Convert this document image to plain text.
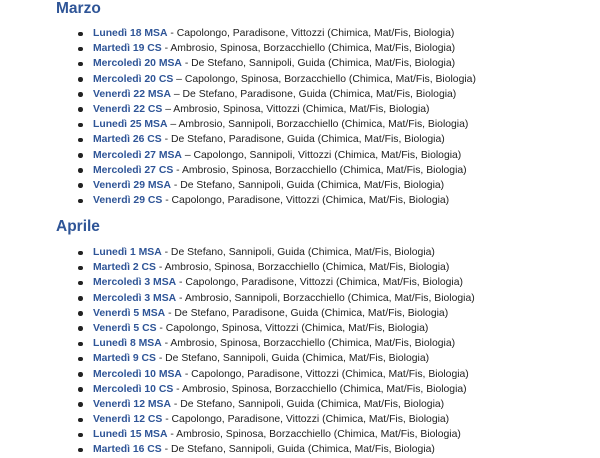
Marzo
Lunedì 18 MSA - Capolongo, Paradisone, Vittozzi (Chimica, Mat/Fis, Biologia)
Martedì 19 CS - Ambrosio, Spinosa, Borzacchiello (Chimica, Mat/Fis, Biologia)
Mercoledì 20 MSA - De Stefano, Sannipoli, Guida (Chimica, Mat/Fis, Biologia)
Mercoledì 20 CS – Capolongo, Spinosa, Borzacchiello (Chimica, Mat/Fis, Biologia)
Venerdì 22 MSA – De Stefano, Paradisone, Guida (Chimica, Mat/Fis, Biologia)
Venerdì 22 CS – Ambrosio, Spinosa, Vittozzi (Chimica, Mat/Fis, Biologia)
Lunedì 25 MSA – Ambrosio, Sannipoli, Borzacchiello (Chimica, Mat/Fis, Biologia)
Martedì 26 CS - De Stefano, Paradisone, Guida (Chimica, Mat/Fis, Biologia)
Mercoledì 27 MSA – Capolongo, Sannipoli, Vittozzi (Chimica, Mat/Fis, Biologia)
Mercoledì 27 CS - Ambrosio, Spinosa, Borzacchiello (Chimica, Mat/Fis, Biologia)
Venerdì 29 MSA - De Stefano, Sannipoli, Guida (Chimica, Mat/Fis, Biologia)
Venerdì 29 CS - Capolongo, Paradisone, Vittozzi (Chimica, Mat/Fis, Biologia)
Aprile
Lunedì 1 MSA - De Stefano, Sannipoli, Guida (Chimica, Mat/Fis, Biologia)
Martedì 2 CS - Ambrosio, Spinosa, Borzacchiello (Chimica, Mat/Fis, Biologia)
Mercoledì 3 MSA - Capolongo, Paradisone, Vittozzi (Chimica, Mat/Fis, Biologia)
Mercoledì 3 MSA - Ambrosio, Sannipoli, Borzacchiello (Chimica, Mat/Fis, Biologia)
Venerdì 5 MSA - De Stefano, Paradisone, Guida (Chimica, Mat/Fis, Biologia)
Venerdì 5 CS - Capolongo, Spinosa, Vittozzi (Chimica, Mat/Fis, Biologia)
Lunedì 8 MSA - Ambrosio, Spinosa, Borzacchiello (Chimica, Mat/Fis, Biologia)
Martedì 9 CS - De Stefano, Sannipoli, Guida (Chimica, Mat/Fis, Biologia)
Mercoledì 10 MSA - Capolongo, Paradisone, Vittozzi (Chimica, Mat/Fis, Biologia)
Mercoledì 10 CS - Ambrosio, Spinosa, Borzacchiello (Chimica, Mat/Fis, Biologia)
Venerdì 12 MSA - De Stefano, Sannipoli, Guida (Chimica, Mat/Fis, Biologia)
Venerdì 12 CS - Capolongo, Paradisone, Vittozzi (Chimica, Mat/Fis, Biologia)
Lunedì 15 MSA - Ambrosio, Spinosa, Borzacchiello (Chimica, Mat/Fis, Biologia)
Martedì 16 CS - De Stefano, Sannipoli, Guida (Chimica, Mat/Fis, Biologia)
